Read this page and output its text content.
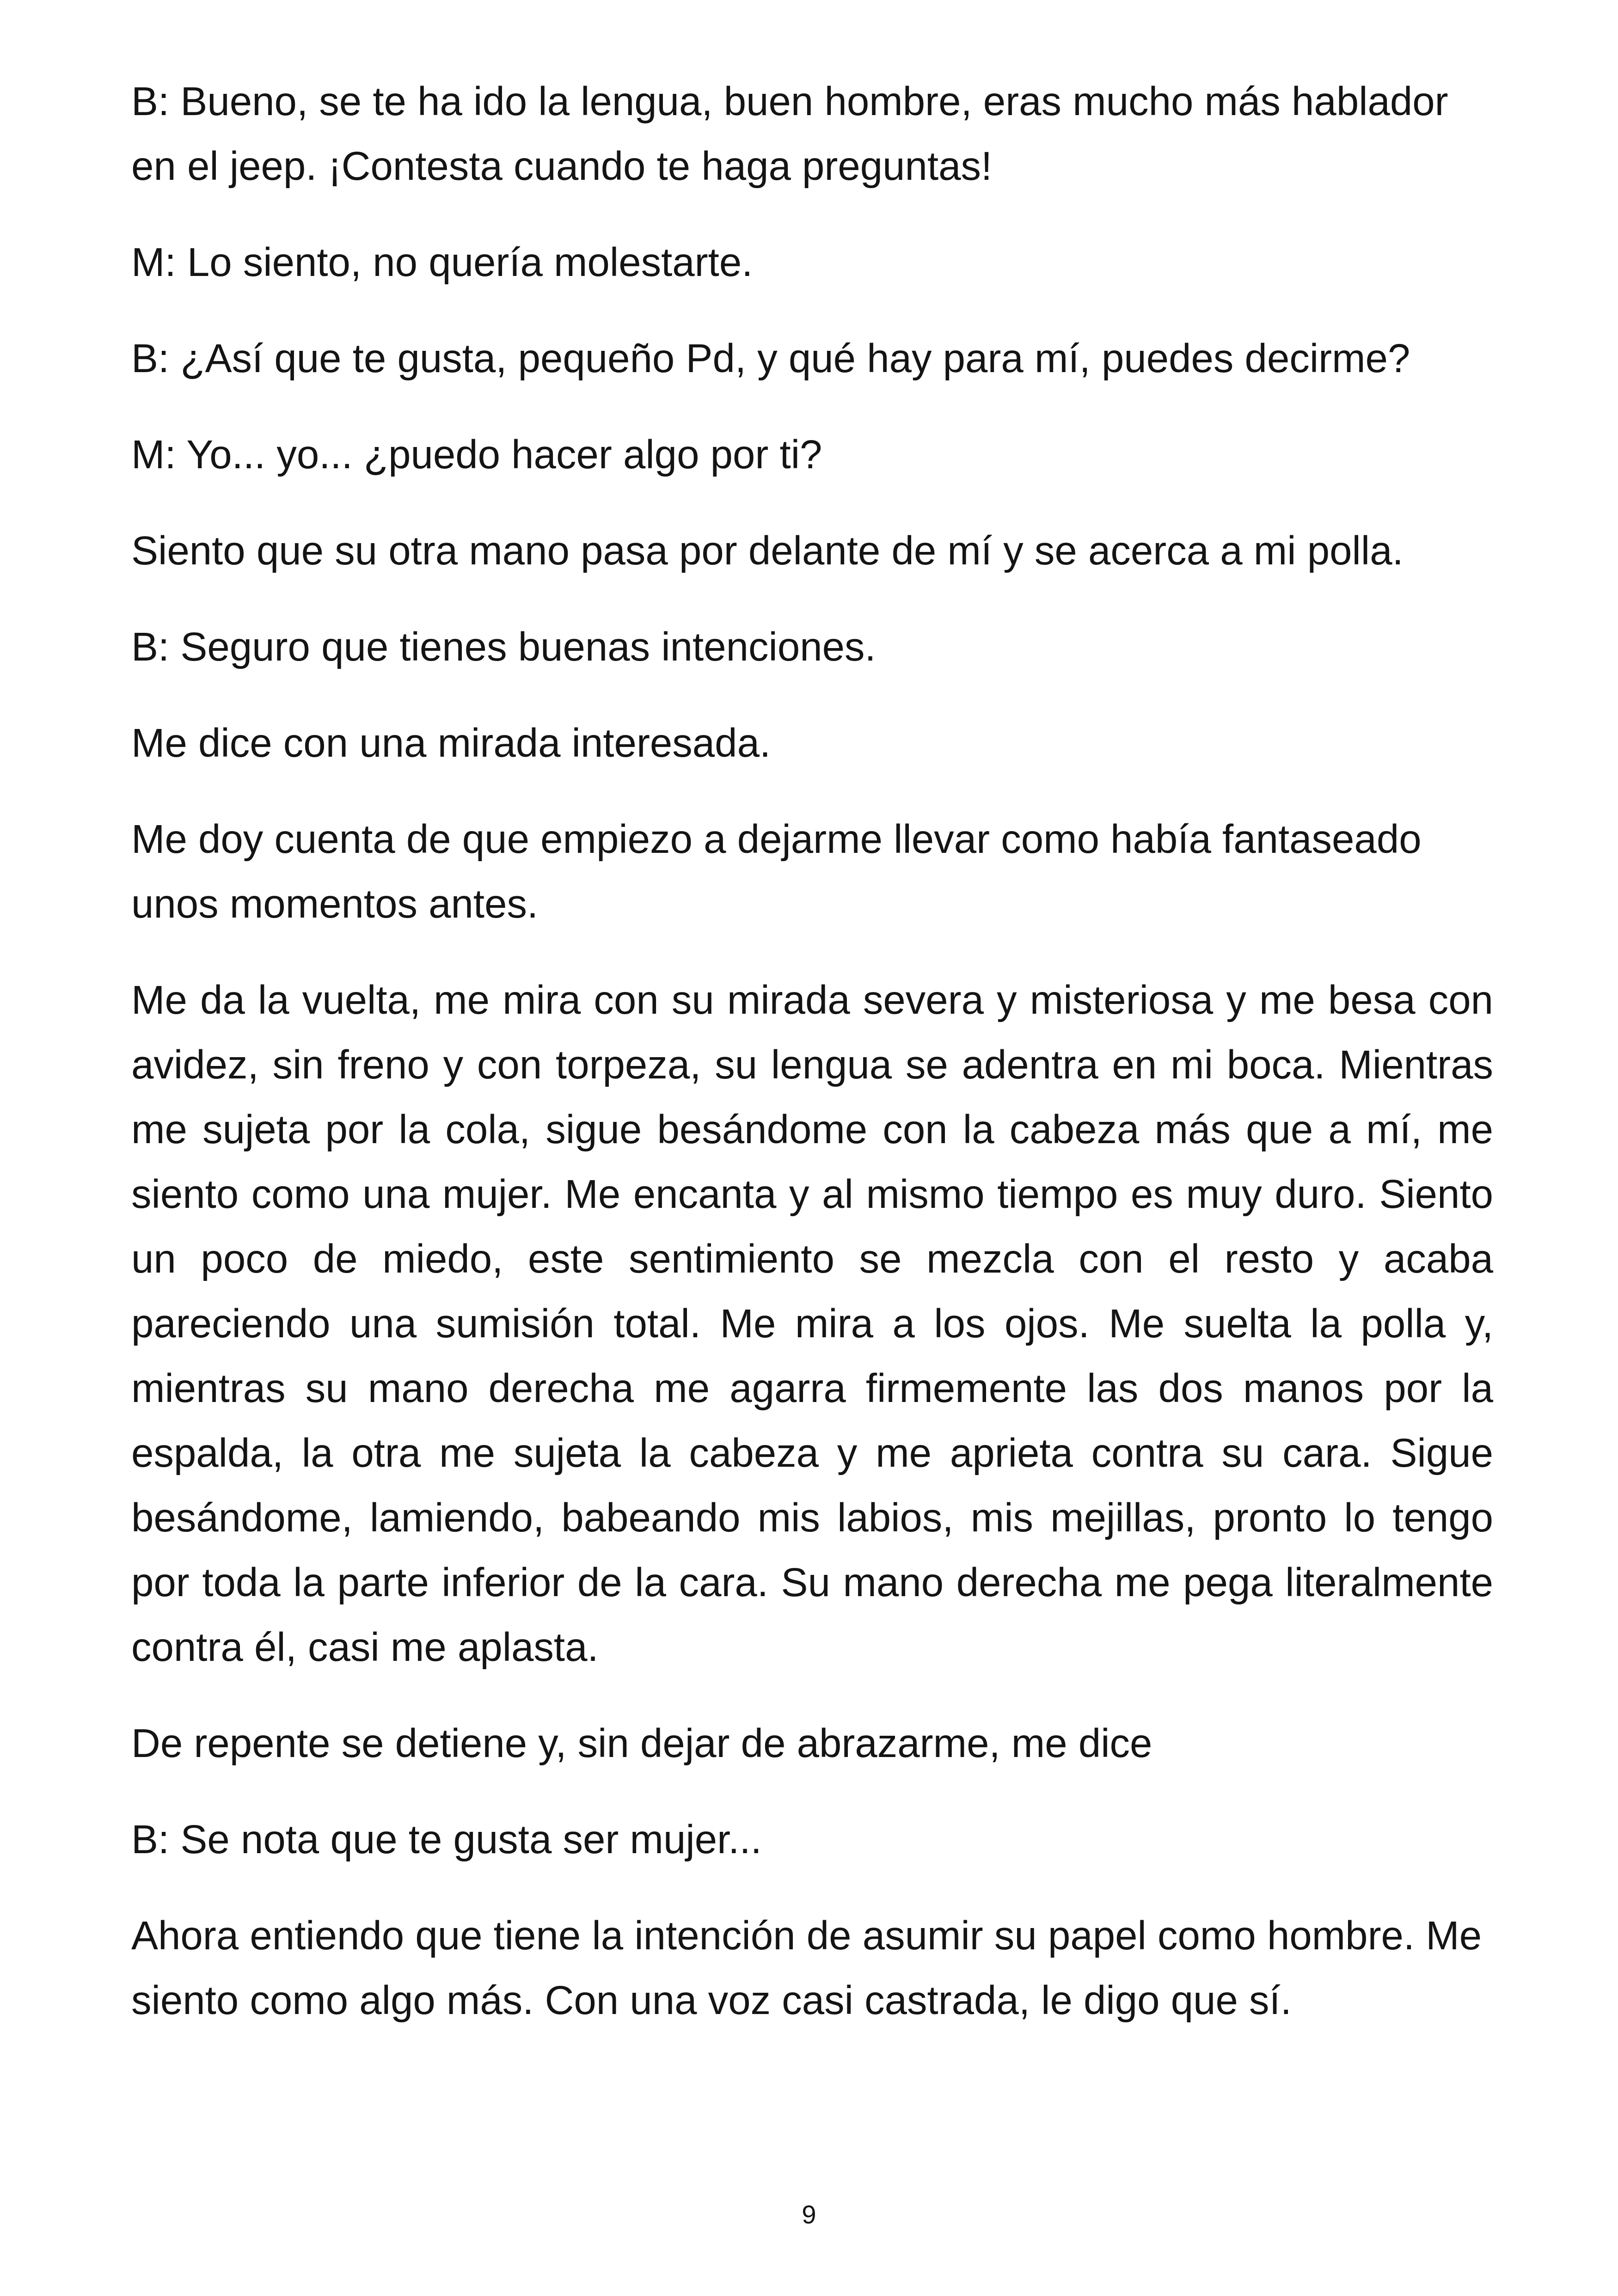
B: Bueno, se te ha ido la lengua, buen hombre, eras mucho más hablador en el jeep. ¡Contesta cuando te haga preguntas!

M: Lo siento, no quería molestarte.

B: ¿Así que te gusta, pequeño Pd, y qué hay para mí, puedes decirme?

M: Yo... yo... ¿puedo hacer algo por ti?

Siento que su otra mano pasa por delante de mí y se acerca a mi polla.

B: Seguro que tienes buenas intenciones.

Me dice con una mirada interesada.

Me doy cuenta de que empiezo a dejarme llevar como había fantaseado unos momentos antes.

Me da la vuelta, me mira con su mirada severa y misteriosa y me besa con avidez, sin freno y con torpeza, su lengua se adentra en mi boca. Mientras me sujeta por la cola, sigue besándome con la cabeza más que a mí, me siento como una mujer. Me encanta y al mismo tiempo es muy duro. Siento un poco de miedo, este sentimiento se mezcla con el resto y acaba pareciendo una sumisión total. Me mira a los ojos. Me suelta la polla y, mientras su mano derecha me agarra firmemente las dos manos por la espalda, la otra me sujeta la cabeza y me aprieta contra su cara. Sigue besándome, lamiendo, babeando mis labios, mis mejillas, pronto lo tengo por toda la parte inferior de la cara. Su mano derecha me pega literalmente contra él, casi me aplasta.

De repente se detiene y, sin dejar de abrazarme, me dice

B: Se nota que te gusta ser mujer...

Ahora entiendo que tiene la intención de asumir su papel como hombre. Me siento como algo más. Con una voz casi castrada, le digo que sí.

9
